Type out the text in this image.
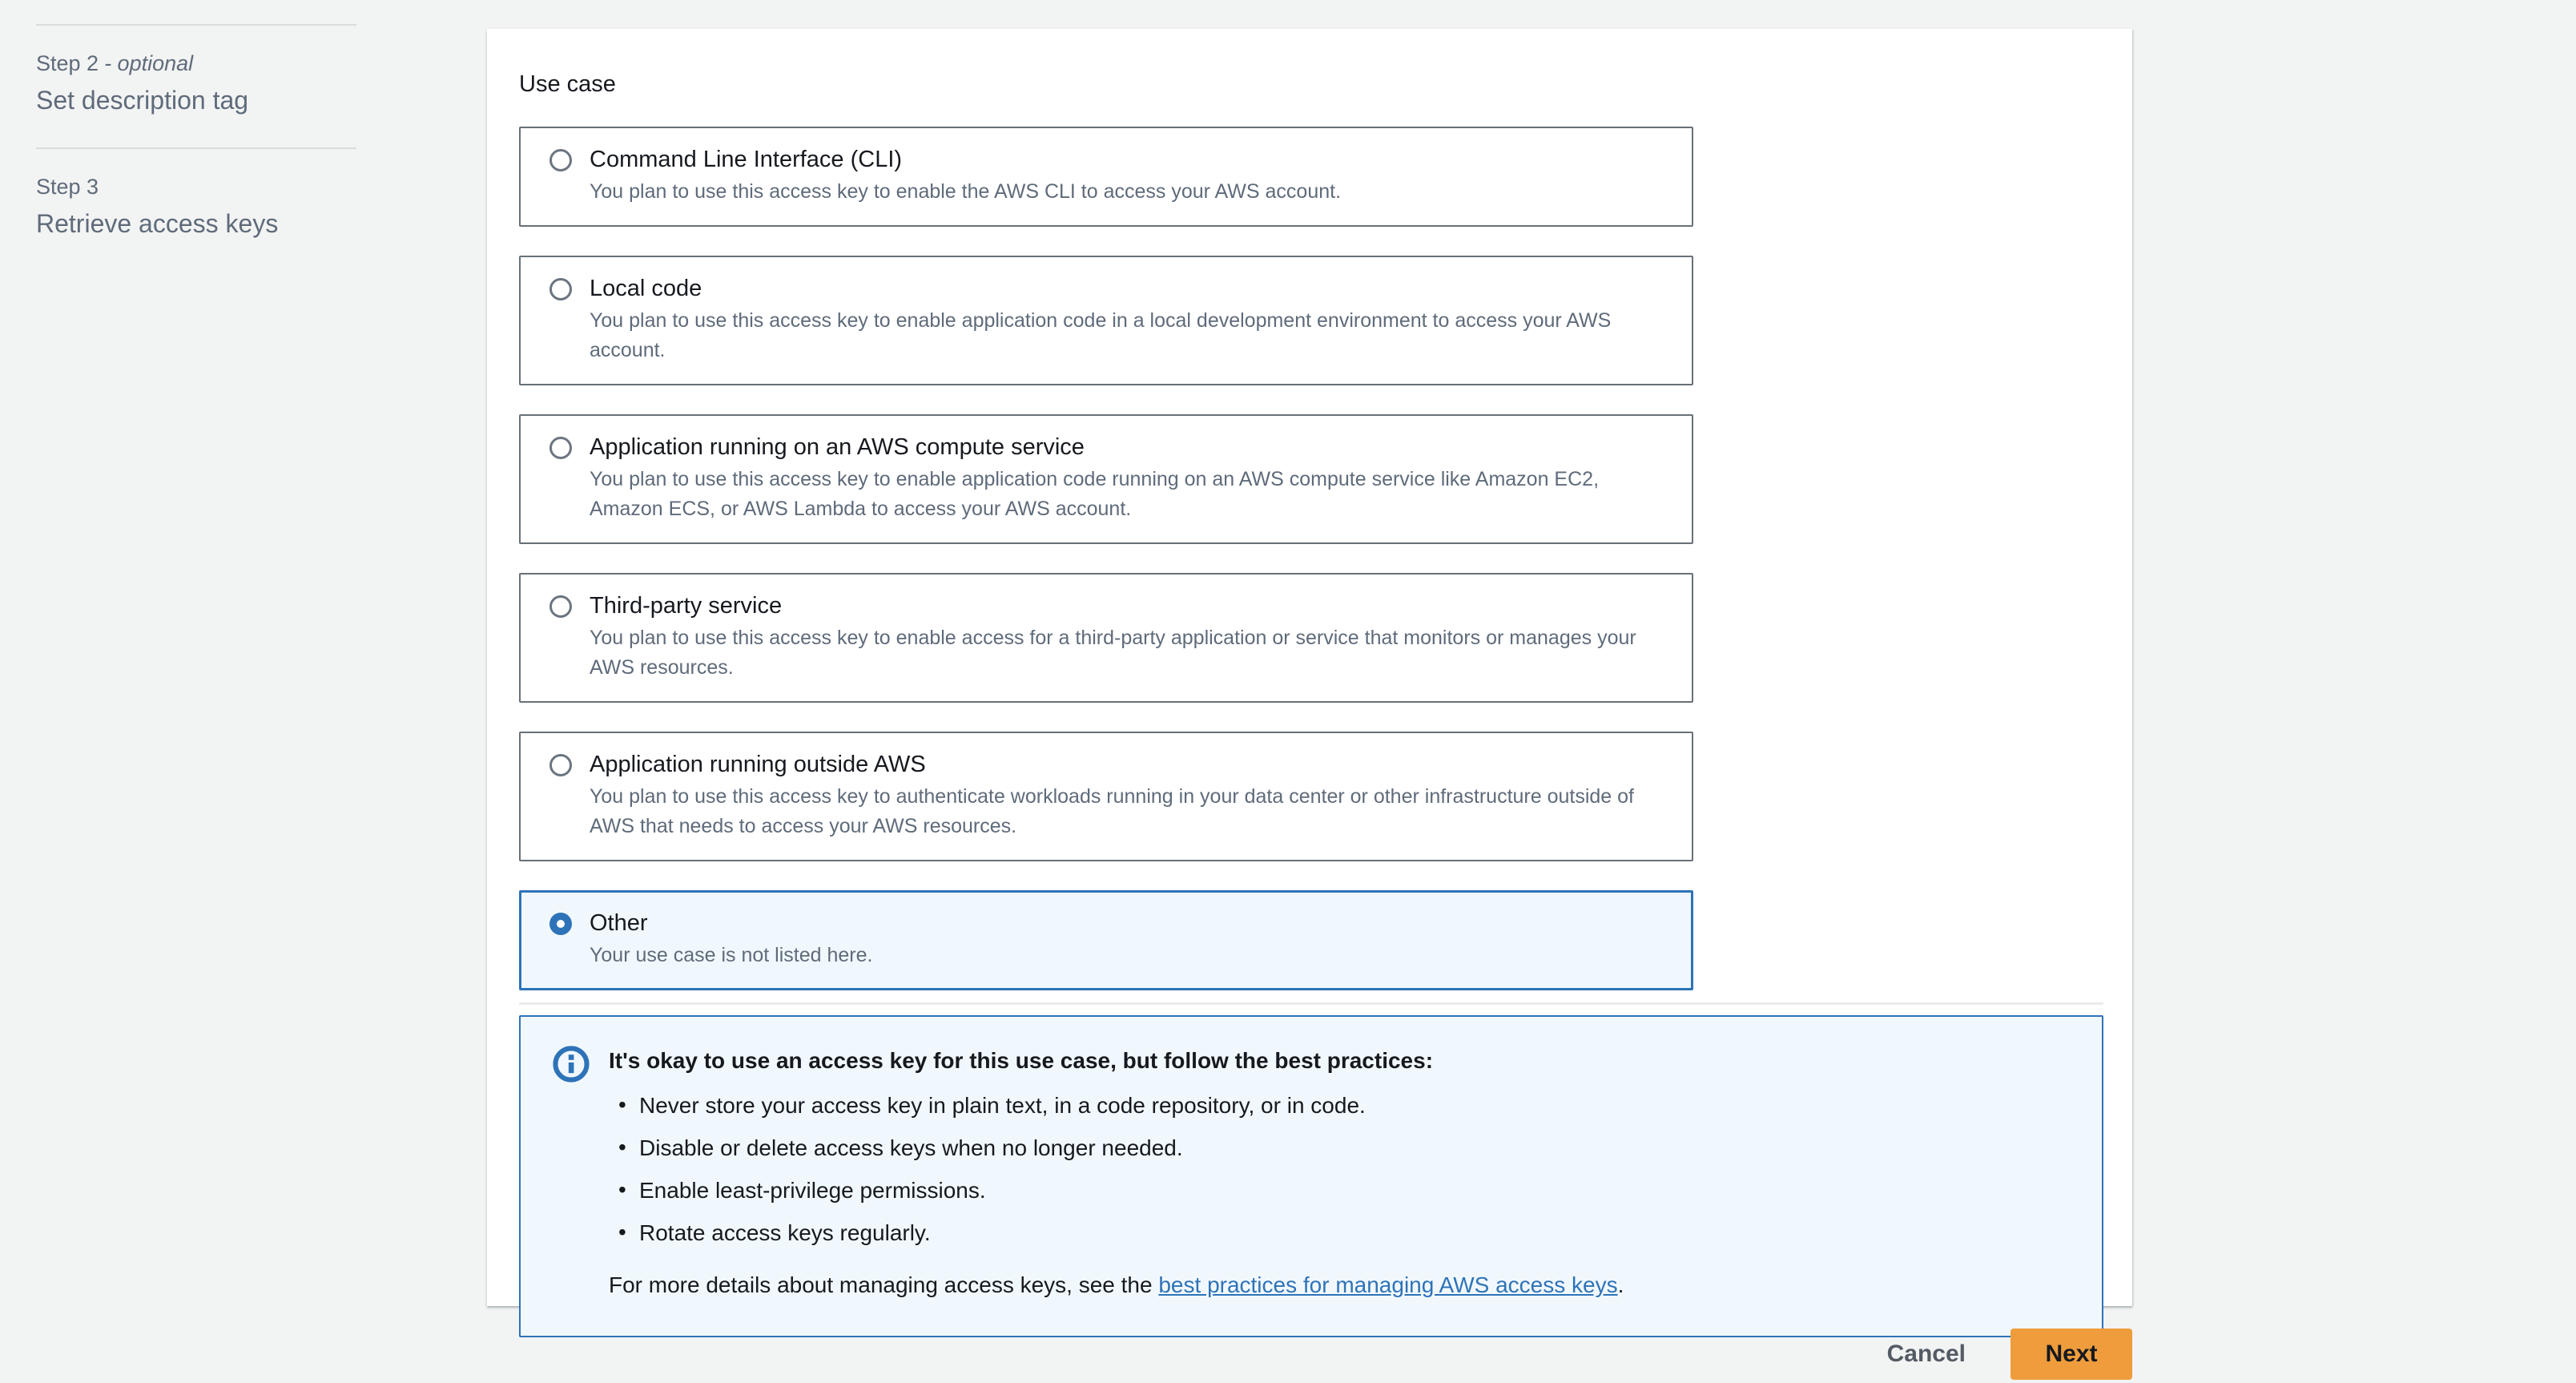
Step 2 - optional
Set description tag
Step 3
Retrieve access keys
Use case
Command Line Interface (CLI)
You plan to use this access key to enable the AWS CLI to access your AWS account.
Local code
You plan to use this access key to enable application code in a local development environment to access your AWS account.
Application running on an AWS compute service
You plan to use this access key to enable application code running on an AWS compute service like Amazon EC2, Amazon ECS, or AWS Lambda to access your AWS account.
Third-party service
You plan to use this access key to enable access for a third-party application or service that monitors or manages your AWS resources.
Application running outside AWS
You plan to use this access key to authenticate workloads running in your data center or other infrastructure outside of AWS that needs to access your AWS resources.
Other
Your use case is not listed here.
It's okay to use an access key for this use case, but follow the best practices:
• Never store your access key in plain text, in a code repository, or in code.
• Disable or delete access keys when no longer needed.
• Enable least-privilege permissions.
• Rotate access keys regularly.
For more details about managing access keys, see the best practices for managing AWS access keys.
Cancel	Next
